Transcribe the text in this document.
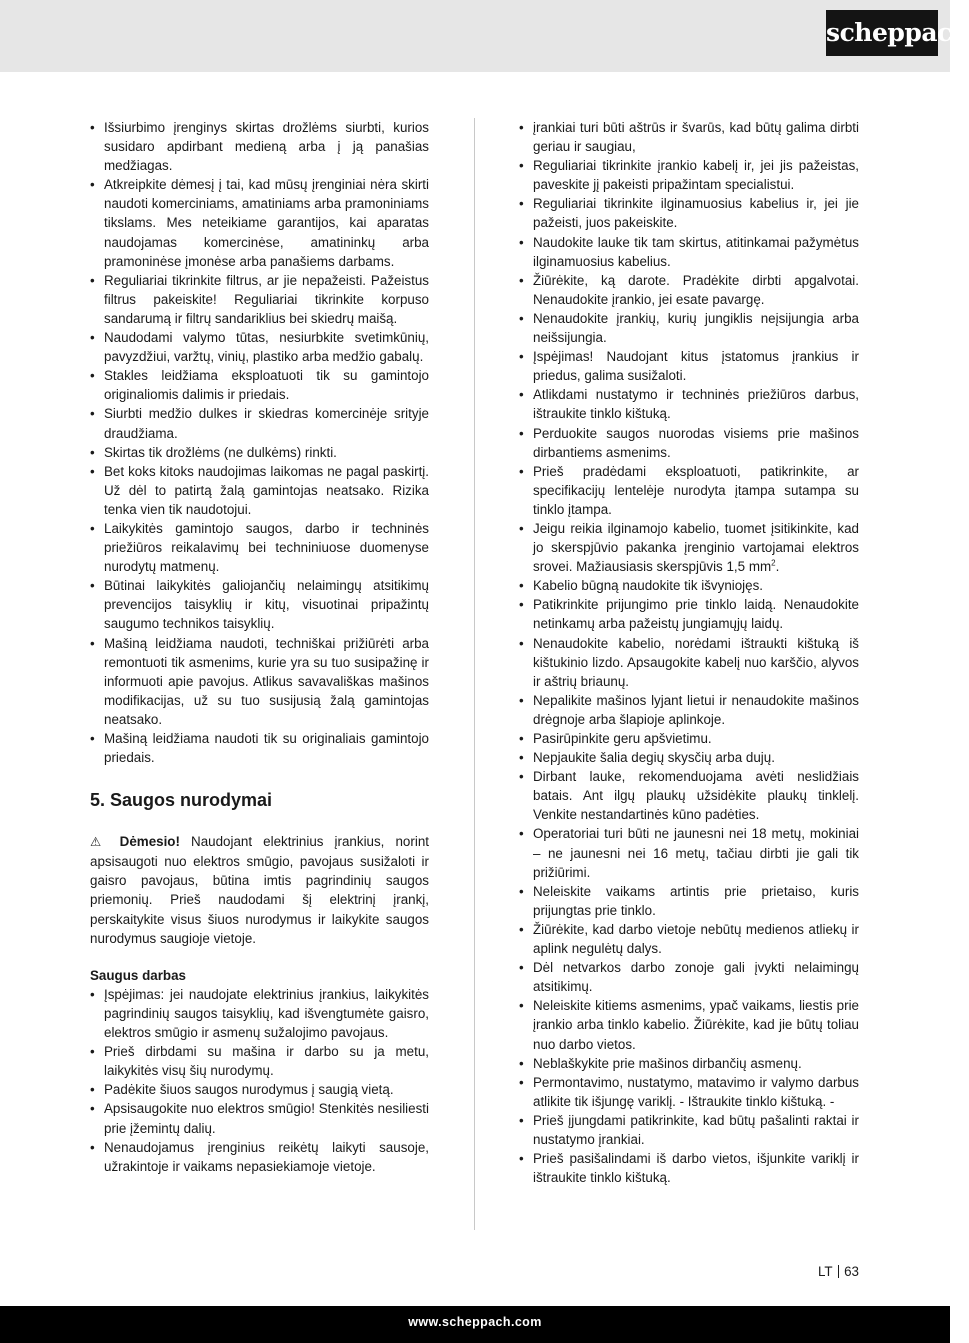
scheppach
• Išsiurbimo įrenginys skirtas drožlėms siurbti, kurios susidaro apdirbant medieną arba į ją panašias medžiagas.
• Atkreipkite dėmesį į tai, kad mūsų įrenginiai nėra skirti naudoti komerciniams, amatiniams arba pramoniniams tikslams. Mes neteikiame garantijos, kai aparatas naudojamas komercinėse, amatininkų arba pramoninėse įmonėse arba panašiems darbams.
• Reguliariai tikrinkite filtrus, ar jie nepažeisti. Pažeistus filtrus pakeiskite! Reguliariai tikrinkite korpuso sandarumą ir filtrų sandariklius bei skiedrų maišą.
• Naudodami valymo tūtas, nesiurbkite svetimkūnių, pavyzdžiui, varžtų, vinių, plastiko arba medžio gabalų.
• Stakles leidžiama eksploatuoti tik su gamintojo originaliomis dalimis ir priedais.
• Siurbti medžio dulkes ir skiedras komercinėje srityje draudžiama.
• Skirtas tik drožlėms (ne dulkėms) rinkti.
• Bet koks kitoks naudojimas laikomas ne pagal paskirtį. Už dėl to patirtą žalą gamintojas neatsako. Rizika tenka vien tik naudotojui.
• Laikykitės gamintojo saugos, darbo ir techninės priežiūros reikalavimų bei techniniuose duomenyse nurodytų matmenų.
• Būtinai laikykitės galiojančių nelaimingų atsitikimų prevencijos taisyklių ir kitų, visuotinai pripažintų saugumo technikos taisyklių.
• Mašiną leidžiama naudoti, techniškai prižiūrėti arba remontuoti tik asmenims, kurie yra su tuo susipažinę ir informuoti apie pavojus. Atlikus savavališkas mašinos modifikacijas, už su tuo susijusią žalą gamintojas neatsako.
• Mašiną leidžiama naudoti tik su originaliais gamintojo priedais.
5. Saugos nurodymai

⚠ Dėmesio! Naudojant elektrinius įrankius, norint apsisaugoti nuo elektros smūgio, pavojaus susižaloti ir gaisro pavojaus, būtina imtis pagrindinių saugos priemonių. Prieš naudodami šį elektrinį įrankį, perskaitykite visus šiuos nurodymus ir laikykite saugos nurodymus saugioje vietoje.

Saugus darbas

• Įspėjimas: jei naudojate elektrinius įrankius, laikykitės pagrindinių saugos taisyklių, kad išvengtumėte gaisro, elektros smūgio ir asmenų sužalojimo pavojaus.
• Prieš dirbdami su mašina ir darbo su ja metu, laikykitės visų šių nurodymų.
• Padėkite šiuos saugos nurodymus į saugią vietą.
• Apsisaugokite nuo elektros smūgio! Stenkitės nesiliesti prie įžemintų dalių.
• Nenaudojamus įrenginius reikėtų laikyti sausoje, užrakintoje ir vaikams nepasiekiamoje vietoje.
• įrankiai turi būti aštrūs ir švarūs, kad būtų galima dirbti geriau ir saugiau,
• Reguliariai tikrinkite įrankio kabelį ir, jei jis pažeistas, paveskite jį pakeisti pripažintam specialistui.
• Reguliariai tikrinkite ilginamuosius kabelius ir, jei jie pažeisti, juos pakeiskite.
• Naudokite lauke tik tam skirtus, atitinkamai pažymėtus ilginamuosius kabelius.
• Žiūrėkite, ką darote. Pradėkite dirbti apgalvotai. Nenaudokite įrankio, jei esate pavargę.
• Nenaudokite įrankių, kurių jungiklis neįsijungia arba neišsijungia.
• Įspėjimas! Naudojant kitus įstatomus įrankius ir priedus, galima susižaloti.
• Atlikdami nustatymo ir techninės priežiūros darbus, ištraukite tinklo kištuką.
• Perduokite saugos nuorodas visiems prie mašinos dirbantiems asmenims.
• Prieš pradėdami eksploatuoti, patikrinkite, ar specifikacijų lentelėje nurodyta įtampa sutampa su tinklo įtampa.
• Jeigu reikia ilginamojo kabelio, tuomet įsitikinkite, kad jo skerspjūvio pakanka įrenginio vartojamai elektros srovei. Mažiausiasis skerspjūvis 1,5 $mm^2$.
• Kabelio būgną naudokite tik išvyniojęs.
• Patikrinkite prijungimo prie tinklo laidą. Nenaudokite netinkamų arba pažeistų jungiamųjų laidų.
• Nenaudokite kabelio, norėdami ištraukti kištuką iš kištukinio lizdo. Apsaugokite kabelį nuo karščio, alyvos ir aštrių briaunų.
• Nepalikite mašinos lyjant lietui ir nenaudokite mašinos drėgnoje arba šlapioje aplinkoje.
• Pasirūpinkite geru apšvietimu.
• Nepjaukite šalia degių skysčių arba dujų.
• Dirbant lauke, rekomenduojama avėti neslidžiais batais. Ant ilgų plaukų užsidėkite plaukų tinklelį. Venkite nestandartinės kūno padėties.
• Operatoriai turi būti ne jaunesni nei 18 metų, mokiniai – ne jaunesni nei 16 metų, tačiau dirbti jie gali tik prižiūrimi.
• Neleiskite vaikams artintis prie prietaiso, kuris prijungtas prie tinklo.
• Žiūrėkite, kad darbo vietoje nebūtų medienos atliekų ir aplink negulėtų dalys.
• Dėl netvarkos darbo zonoje gali įvykti nelaimingų atsitikimų.
• Neleiskite kitiems asmenims, ypač vaikams, liestis prie įrankio arba tinklo kabelio. Žiūrėkite, kad jie būtų toliau nuo darbo vietos.
• Neblaškykite prie mašinos dirbančių asmenų.
• Permontavimo, nustatymo, matavimo ir valymo darbus atlikite tik išjungę variklį. - Ištraukite tinklo kištuką. -
• Prieš įjungdami patikrinkite, kad būtų pašalinti raktai ir nustatymo įrankiai.
• Prieš pasišalindami iš darbo vietos, išjunkite variklį ir ištraukite tinklo kištuką.
LT 63
www.scheppach.com
